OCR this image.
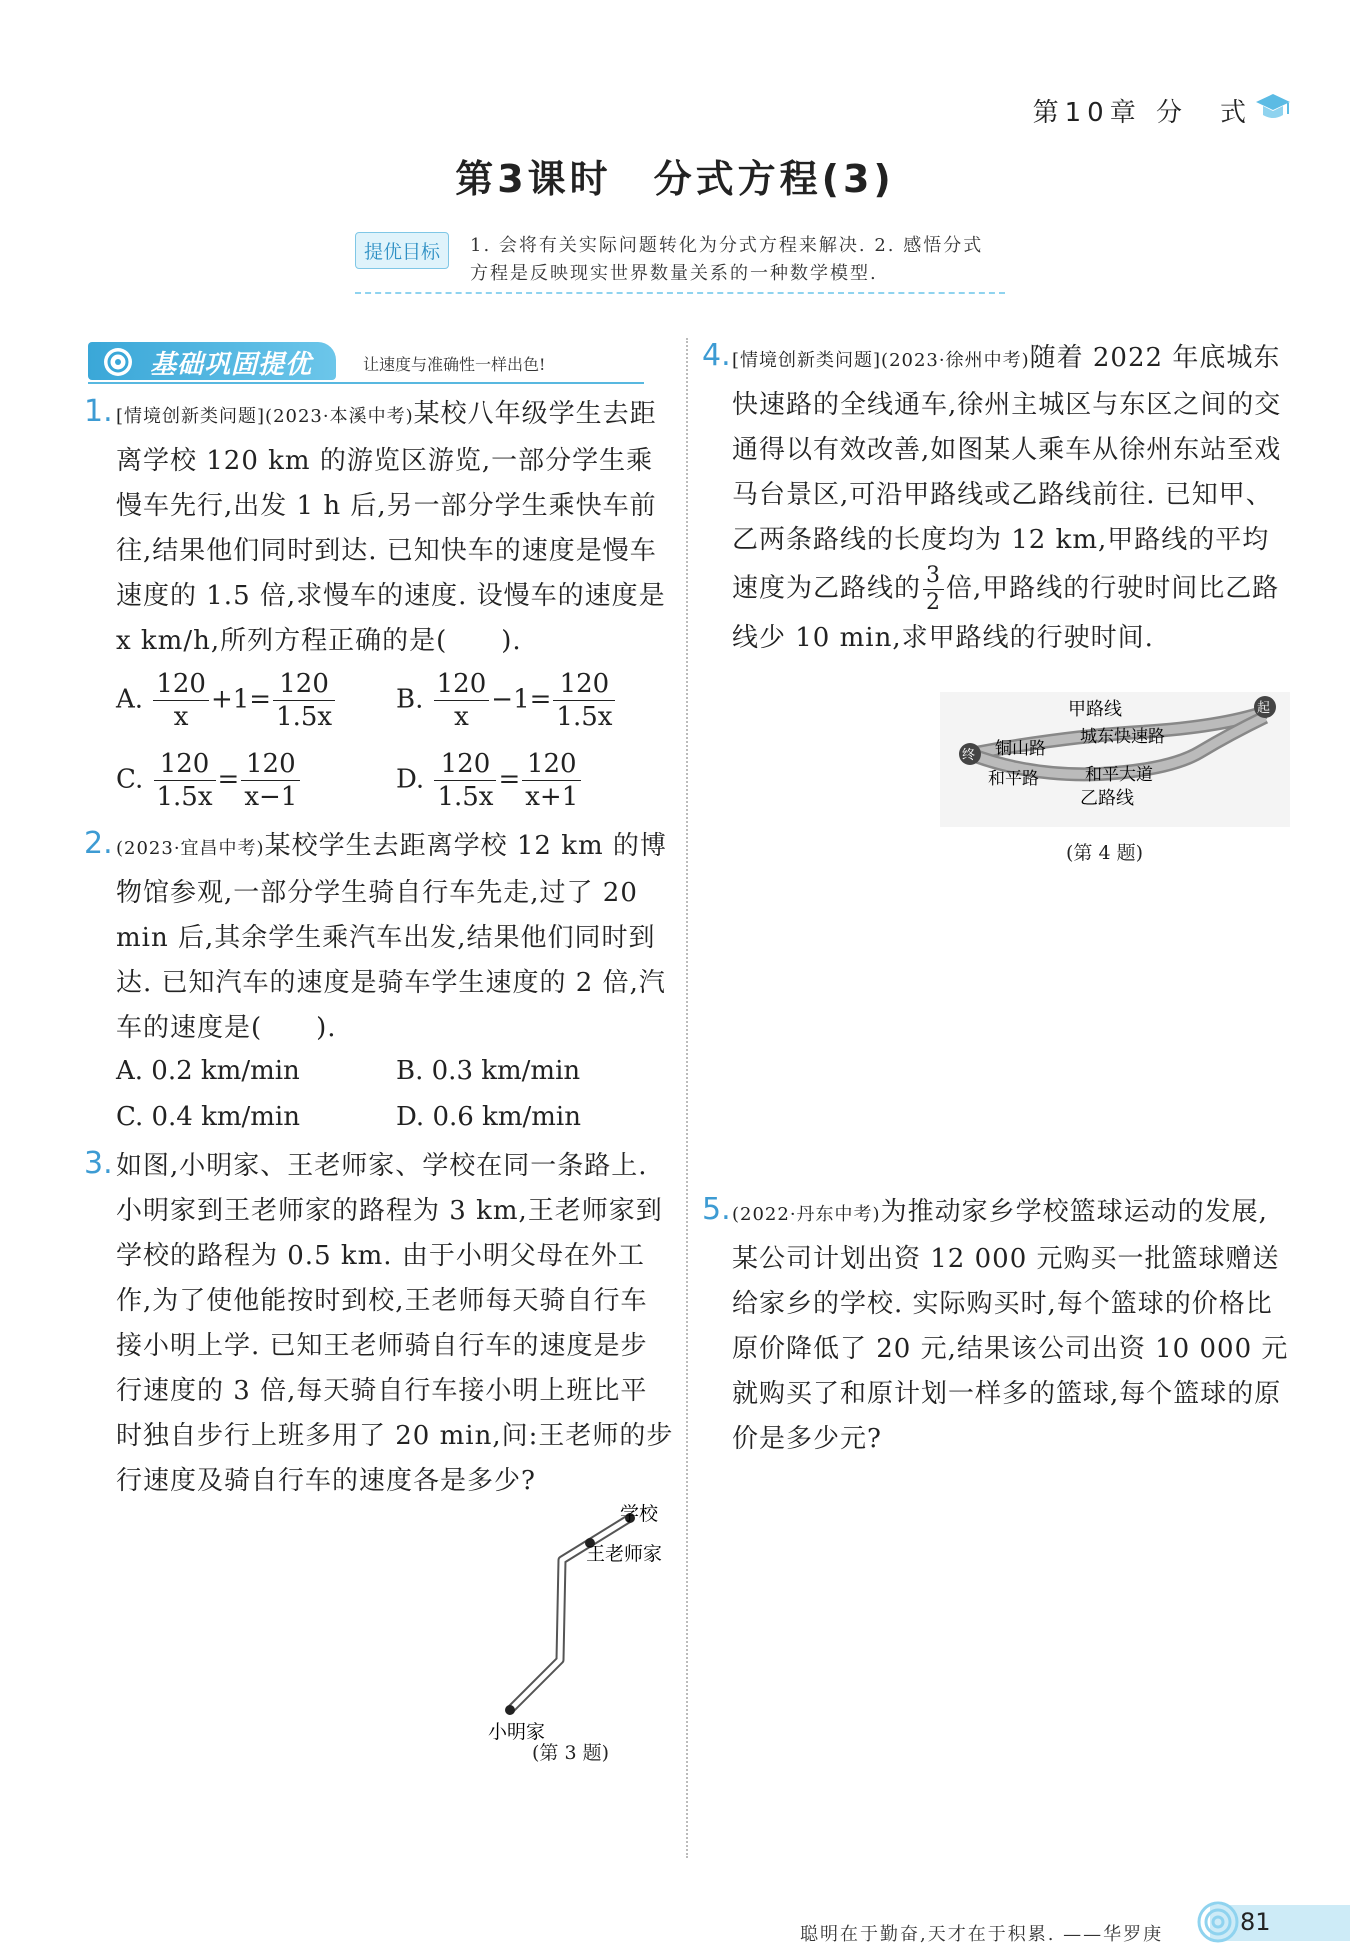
第10章 分　式
第3课时　分式方程(3)
提优目标	1. 会将有关实际问题转化为分式方程来解决. 2. 感悟分式方程是反映现实世界数量关系的一种数学模型.
基础巩固提优	让速度与准确性一样出色!
1. [情境创新类问题](2023·本溪中考)某校八年级学生去距离学校 120 km 的游览区游览,一部分学生乘慢车先行,出发 1 h 后,另一部分学生乘快车前往,结果他们同时到达. 已知快车的速度是慢车速度的 1.5 倍,求慢车的速度. 设慢车的速度是 x km/h,所列方程正确的是(　　).
A. $\frac{120}{x} +1= \frac{120}{1.5x} B$. $\frac{120}{x} -1= \frac{120}{1.5x}$
C. $\frac{120}{1.5x} = \frac{120}{x-1}$	D. $\frac{120}{1.5x} = \frac{120}{x+1}$
2. (2023·宜昌中考)某校学生去距离学校 12 km 的博物馆参观,一部分学生骑自行车先走,过了 20 min 后,其余学生乘汽车出发,结果他们同时到达. 已知汽车的速度是骑车学生速度的 2 倍,汽车的速度是(　　).
A. 0.2 km/min	B. 0.3 km/min
C. 0.4 km/min	D. 0.6 km/min
3. 如图,小明家、王老师家、学校在同一条路上. 小明家到王老师家的路程为 3 km,王老师家到学校的路程为 0.5 km. 由于小明父母在外工作,为了使他能按时到校,王老师每天骑自行车接小明上学. 已知王老师骑自行车的速度是步行速度的 3 倍,每天骑自行车接小明上班比平时独自步行上班多用了 20 min,问:王老师的步行速度及骑自行车的速度各是多少?
学校
王老师家
小明家
(第 3 题)
4. [情境创新类问题](2023·徐州中考)随着 2022 年底城东快速路的全线通车,徐州主城区与东区之间的交通得以有效改善,如图某人乘车从徐州东站至戏马台景区,可沿甲路线或乙路线前往. 已知甲、乙两条路线的长度均为 12 km,甲路线的平均速度为乙路线的 $\frac{3}{2}$ 倍,甲路线的行驶时间比乙路线少 10 min,求甲路线的行驶时间.
终
起
甲路线
乙路线
铜山路
城东快速路
和平路	和平大道
(第 4 题)
5. (2022·丹东中考)为推动家乡学校篮球运动的发展,某公司计划出资 12 000 元购买一批篮球赠送给家乡的学校. 实际购买时,每个篮球的价格比原价降低了 20 元,结果该公司出资 10 000 元就购买了和原计划一样多的篮球,每个篮球的原价是多少元?
聪明在于勤奋,天才在于积累. ——华罗庚	81
